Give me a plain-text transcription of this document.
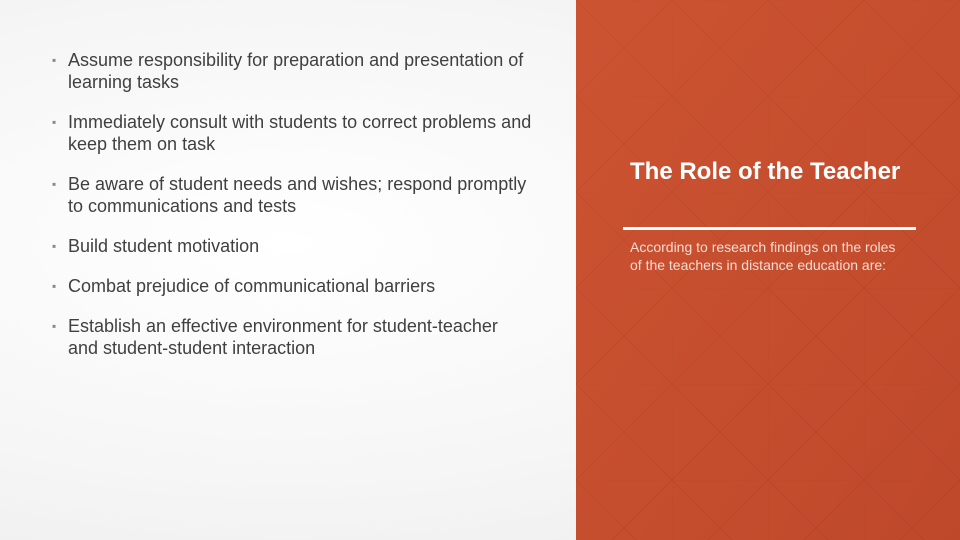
▪ Assume responsibility for preparation and presentation of learning tasks
▪ Immediately consult with students to correct problems and keep them on task
▪ Be aware of student needs and wishes; respond promptly to communications and tests
▪ Build student motivation
▪ Combat prejudice of communicational barriers
▪ Establish an effective environment for student-teacher and student-student interaction
The Role of the Teacher

According to research findings on the roles of the teachers in distance education are:
